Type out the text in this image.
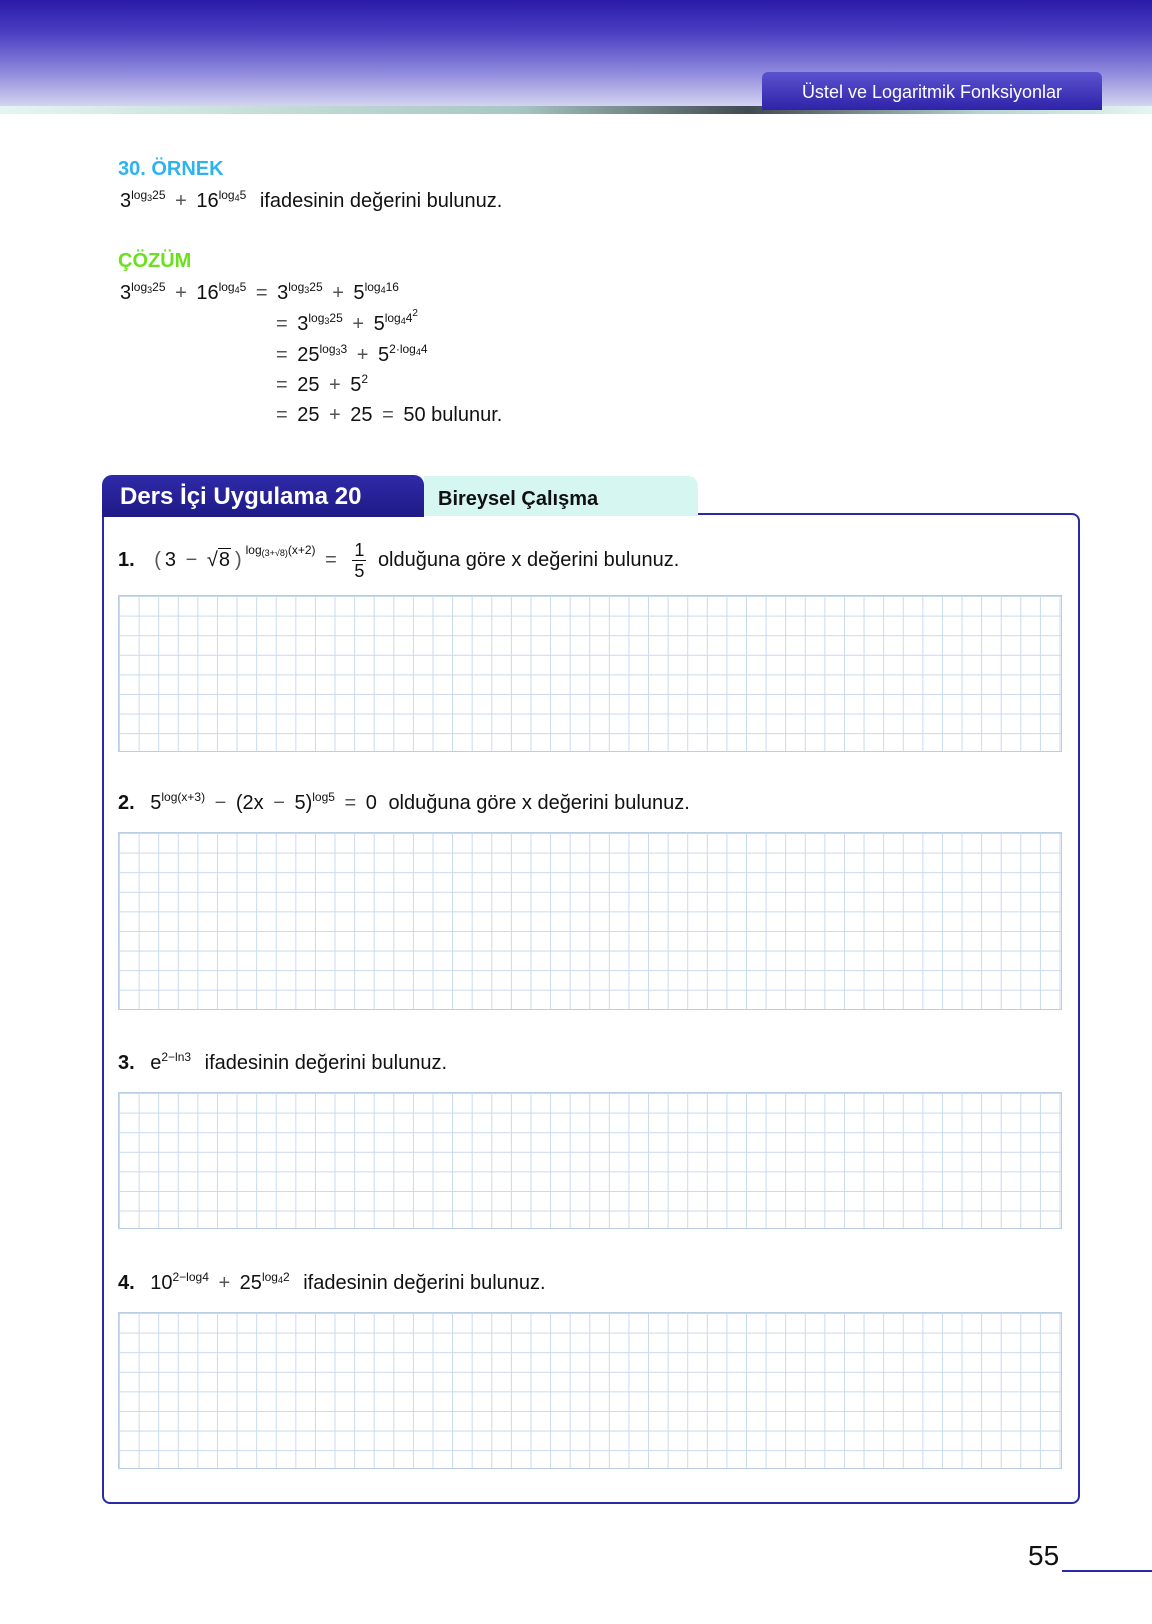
Üstel ve Logaritmik Fonksiyonlar
30. ÖRNEK
$3^{log_325} + 16^{log_45}$ ifadesinin değerini bulunuz.
ÇÖZÜM
$3^{log_325} + 16^{log_45} = 3^{log_325} + 5^{log_416}$
= $3^{log_325} + 5^{log_44^2}$
= $25^{log_33} + 5^{2\cdot log_44}$
= $25 + 5^2$
= 25 + 25 = 50 bulunur.
Ders İçi Uygulama 20	Bireysel Çalışma
1. ( 3 − √8 ) $^{log_{(3+√8)}(x+2)} = \frac{1}{5}$ olduğuna göre x değerini bulunuz.
2. $5^{log(x+3)} - (2x - 5)^{log5} = 0$ olduğuna göre x değerini bulunuz.
3. $e^{2-ln3}$ ifadesinin değerini bulunuz.
4. $10^{2-log4} + 25^{log_42}$ ifadesinin değerini bulunuz.
55
